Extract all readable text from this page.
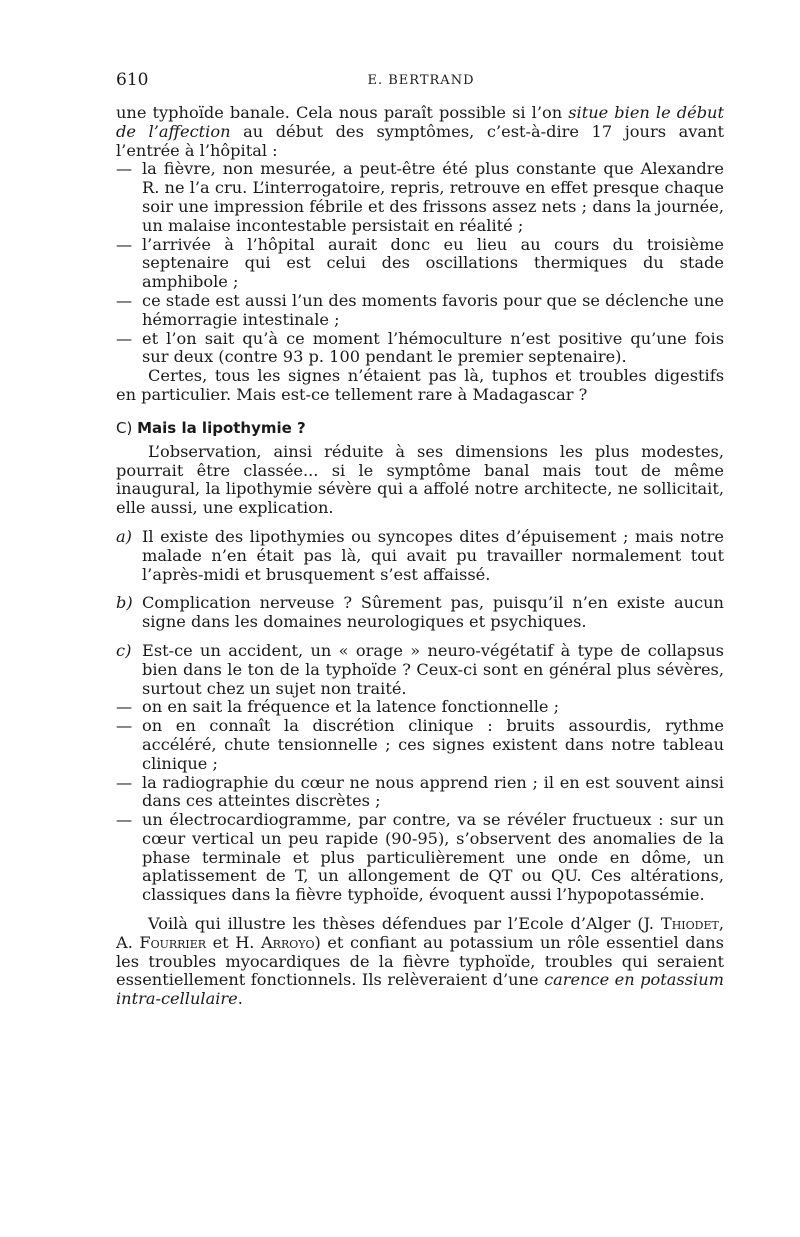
610	E. BERTRAND

une typhoïde banale. Cela nous paraît possible si l’on situe bien le début de l’affection au début des symptômes, c’est-à-dire 17 jours avant l’entrée à l’hôpital :

— la fièvre, non mesurée, a peut-être été plus constante que Alexandre R. ne l’a cru. L’interrogatoire, repris, retrouve en effet presque chaque soir une impression fébrile et des frissons assez nets ; dans la journée, un malaise incontestable persistait en réalité ;

— l’arrivée à l’hôpital aurait donc eu lieu au cours du troisième septenaire qui est celui des oscillations thermiques du stade amphibole ;

— ce stade est aussi l’un des moments favoris pour que se déclenche une hémorragie intestinale ;

— et l’on sait qu’à ce moment l’hémoculture n’est positive qu’une fois sur deux (contre 93 p. 100 pendant le premier septenaire).

Certes, tous les signes n’étaient pas là, tuphos et troubles digestifs en particulier. Mais est-ce tellement rare à Madagascar ?

C) Mais la lipothymie ?

L’observation, ainsi réduite à ses dimensions les plus modestes, pourrait être classée... si le symptôme banal mais tout de même inaugural, la lipothymie sévère qui a affolé notre architecte, ne sollicitait, elle aussi, une explication.

a) Il existe des lipothymies ou syncopes dites d’épuisement ; mais notre malade n’en était pas là, qui avait pu travailler normalement tout l’après-midi et brusquement s’est affaissé.

b) Complication nerveuse ? Sûrement pas, puisqu’il n’en existe aucun signe dans les domaines neurologiques et psychiques.

c) Est-ce un accident, un « orage » neuro-végétatif à type de collapsus bien dans le ton de la typhoïde ? Ceux-ci sont en général plus sévères, surtout chez un sujet non traité.

— on en sait la fréquence et la latence fonctionnelle ;

— on en connaît la discrétion clinique : bruits assourdis, rythme accéléré, chute tensionnelle ; ces signes existent dans notre tableau clinique ;

— la radiographie du cœur ne nous apprend rien ; il en est souvent ainsi dans ces atteintes discrètes ;

— un électrocardiogramme, par contre, va se révéler fructueux : sur un cœur vertical un peu rapide (90-95), s’observent des anomalies de la phase terminale et plus particulièrement une onde en dôme, un aplatissement de T, un allongement de QT ou QU. Ces altérations, classiques dans la fièvre typhoïde, évoquent aussi l’hypopotassémie.

Voilà qui illustre les thèses défendues par l’Ecole d’Alger (J. Thiodet, A. Fourrier et H. Arroyo) et confiant au potassium un rôle essentiel dans les troubles myocardiques de la fièvre typhoïde, troubles qui seraient essentiellement fonctionnels. Ils relèveraient d’une carence en potassium intra-cellulaire.
